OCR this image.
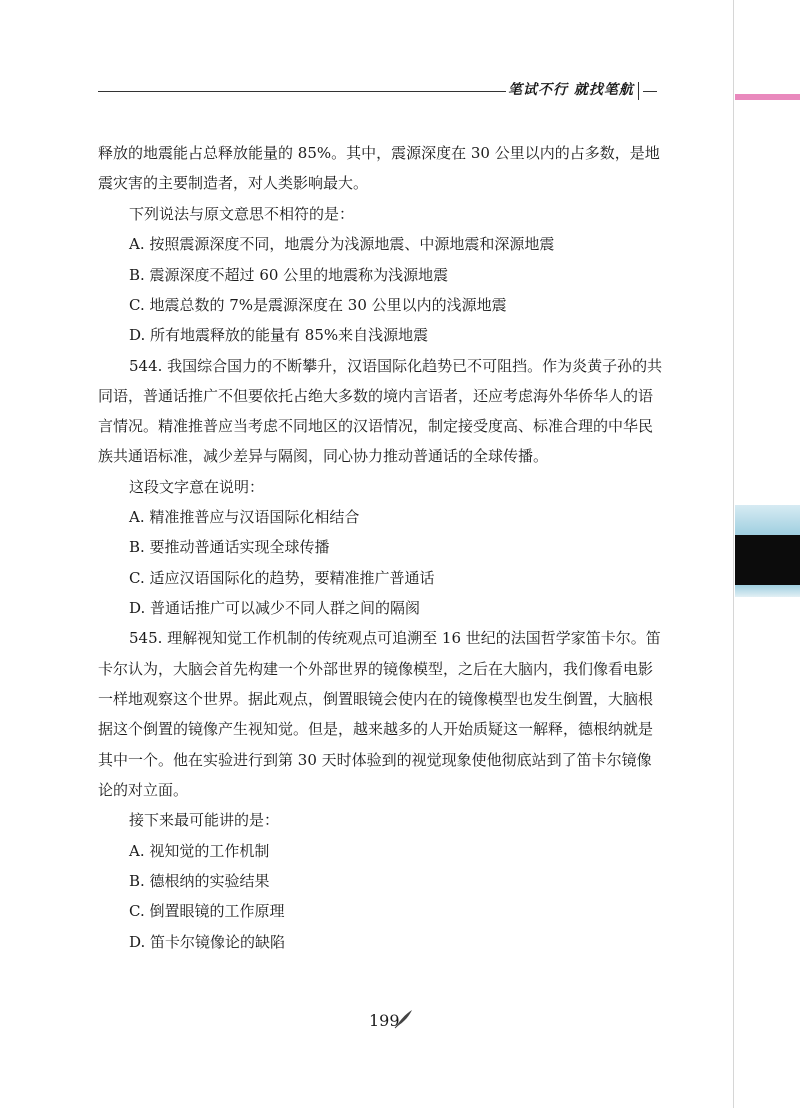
笔试不行 就找笔航
释放的地震能占总释放能量的 85%。其中，震源深度在 30 公里以内的占多数，是地
震灾害的主要制造者，对人类影响最大。
下列说法与原文意思不相符的是：
A. 按照震源深度不同，地震分为浅源地震、中源地震和深源地震
B. 震源深度不超过 60 公里的地震称为浅源地震
C. 地震总数的 7%是震源深度在 30 公里以内的浅源地震
D. 所有地震释放的能量有 85%来自浅源地震
544. 我国综合国力的不断攀升，汉语国际化趋势已不可阻挡。作为炎黄子孙的共
同语，普通话推广不但要依托占绝大多数的境内言语者，还应考虑海外华侨华人的语
言情况。精准推普应当考虑不同地区的汉语情况，制定接受度高、标准合理的中华民
族共通语标准，减少差异与隔阂，同心协力推动普通话的全球传播。
这段文字意在说明：
A. 精准推普应与汉语国际化相结合
B. 要推动普通话实现全球传播
C. 适应汉语国际化的趋势，要精准推广普通话
D. 普通话推广可以减少不同人群之间的隔阂
545. 理解视知觉工作机制的传统观点可追溯至 16 世纪的法国哲学家笛卡尔。笛
卡尔认为，大脑会首先构建一个外部世界的镜像模型，之后在大脑内，我们像看电影
一样地观察这个世界。据此观点，倒置眼镜会使内在的镜像模型也发生倒置，大脑根
据这个倒置的镜像产生视知觉。但是，越来越多的人开始质疑这一解释，德根纳就是
其中一个。他在实验进行到第 30 天时体验到的视觉现象使他彻底站到了笛卡尔镜像
论的对立面。
接下来最可能讲的是：
A. 视知觉的工作机制
B. 德根纳的实验结果
C. 倒置眼镜的工作原理
D. 笛卡尔镜像论的缺陷
199
